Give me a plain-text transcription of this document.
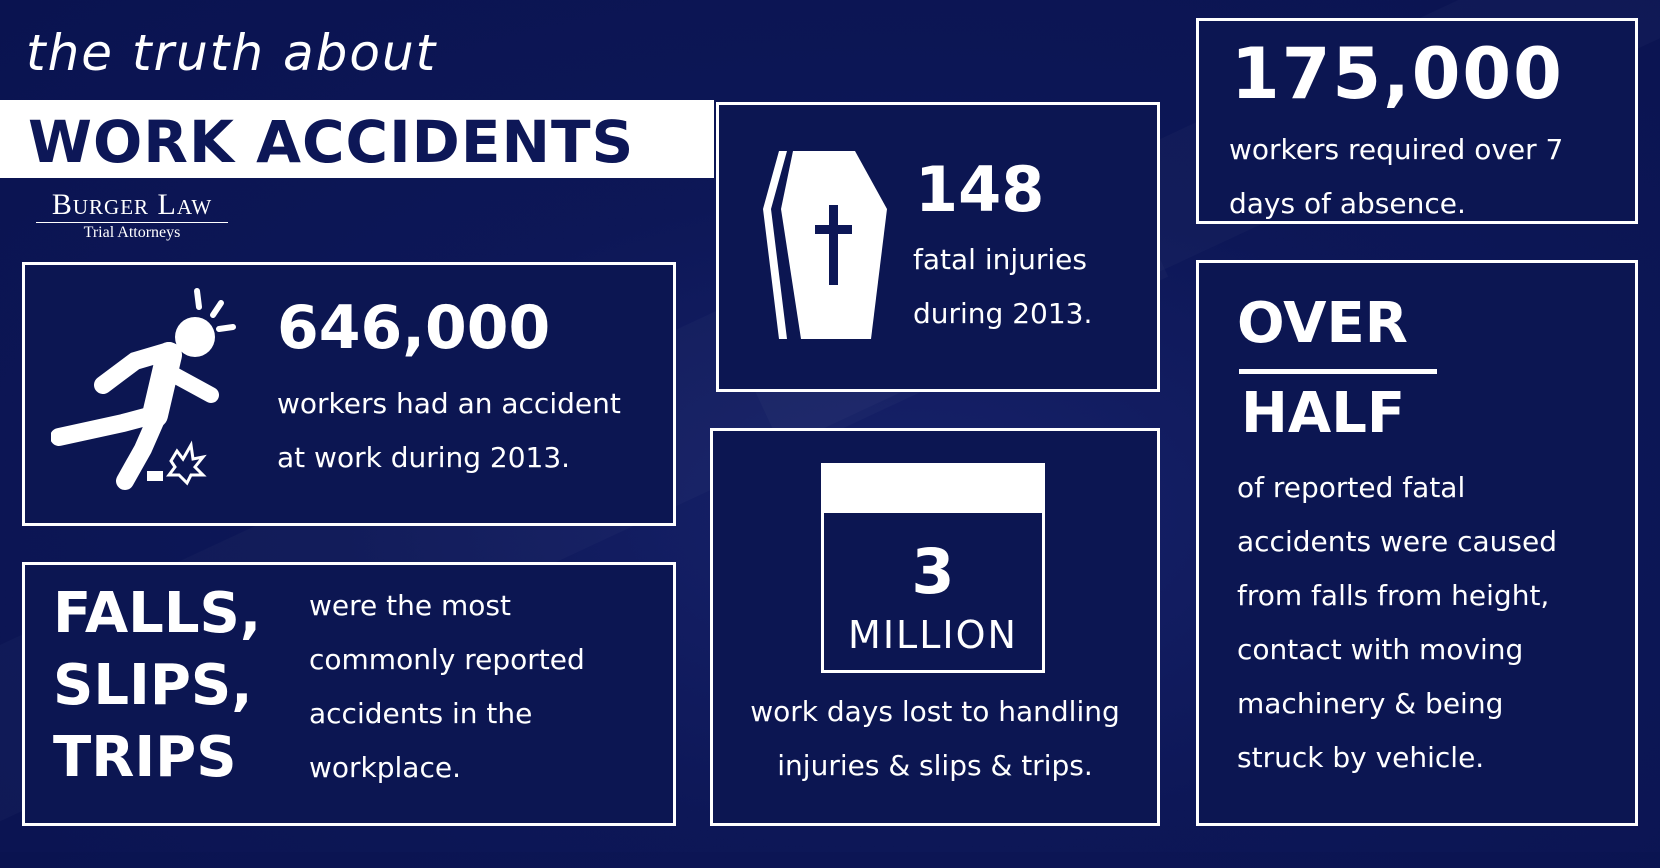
the truth about
WORK ACCIDENTS
Burger Law
Trial Attorneys
646,000
workers had an accident
at work during 2013.
148
fatal injuries
during 2013.
175,000
workers required over 7
days of absence.
FALLS,
SLIPS,
TRIPS
were the most
commonly reported
accidents in the
workplace.
3
MILLION
work days lost to handling
injuries & slips & trips.
OVER
HALF
of reported fatal
accidents were caused
from falls from height,
contact with moving
machinery & being
struck by vehicle.
